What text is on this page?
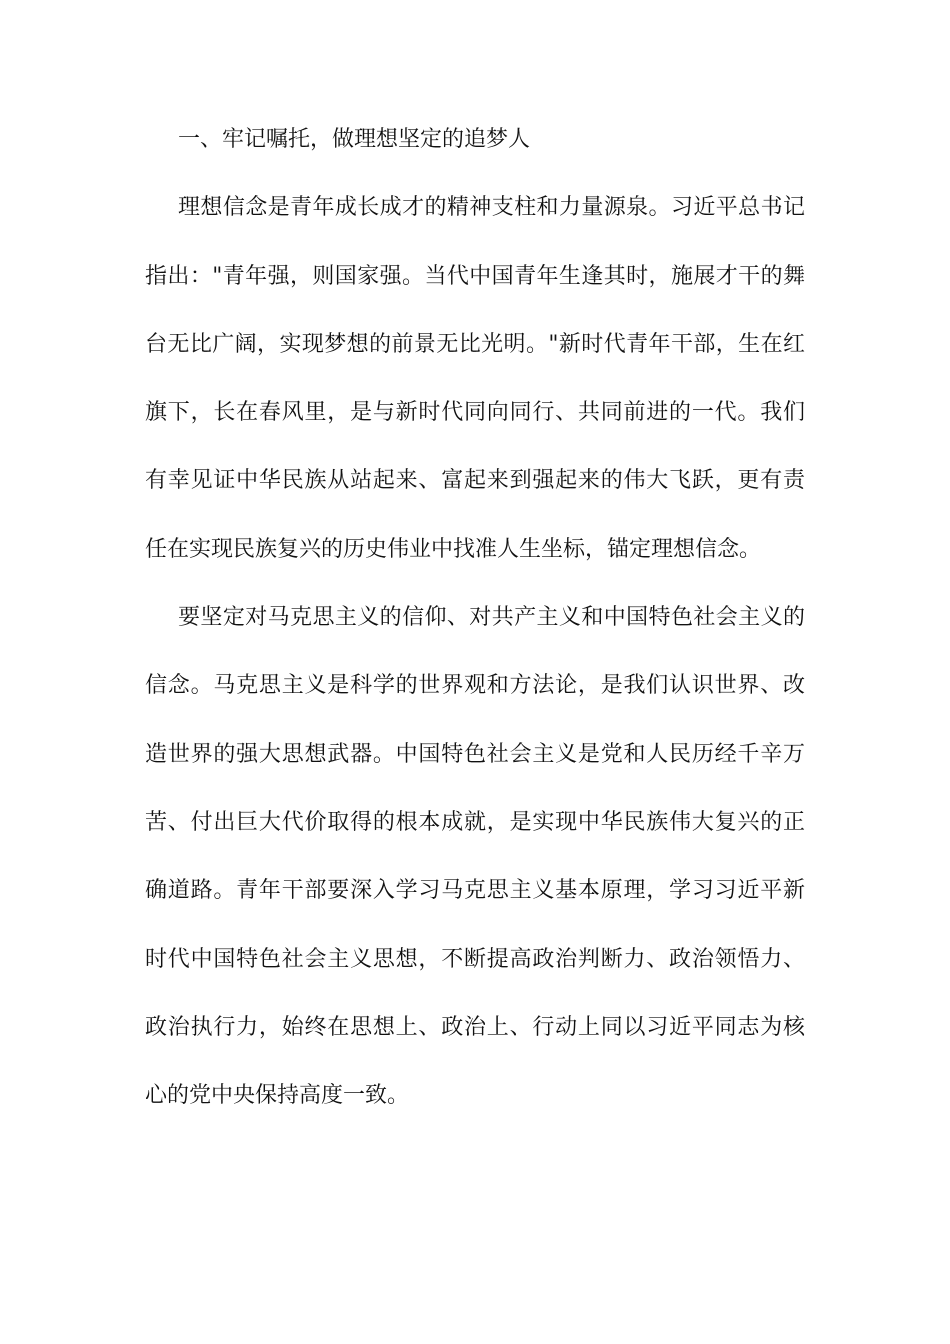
一、牢记嘱托，做理想坚定的追梦人
理想信念是青年成长成才的精神支柱和力量源泉。习近平总书记
指出："青年强，则国家强。当代中国青年生逢其时，施展才干的舞
台无比广阔，实现梦想的前景无比光明。"新时代青年干部，生在红
旗下，长在春风里，是与新时代同向同行、共同前进的一代。我们
有幸见证中华民族从站起来、富起来到强起来的伟大飞跃，更有责
任在实现民族复兴的历史伟业中找准人生坐标，锚定理想信念。
要坚定对马克思主义的信仰、对共产主义和中国特色社会主义的
信念。马克思主义是科学的世界观和方法论，是我们认识世界、改
造世界的强大思想武器。中国特色社会主义是党和人民历经千辛万
苦、付出巨大代价取得的根本成就，是实现中华民族伟大复兴的正
确道路。青年干部要深入学习马克思主义基本原理，学习习近平新
时代中国特色社会主义思想，不断提高政治判断力、政治领悟力、
政治执行力，始终在思想上、政治上、行动上同以习近平同志为核
心的党中央保持高度一致。
